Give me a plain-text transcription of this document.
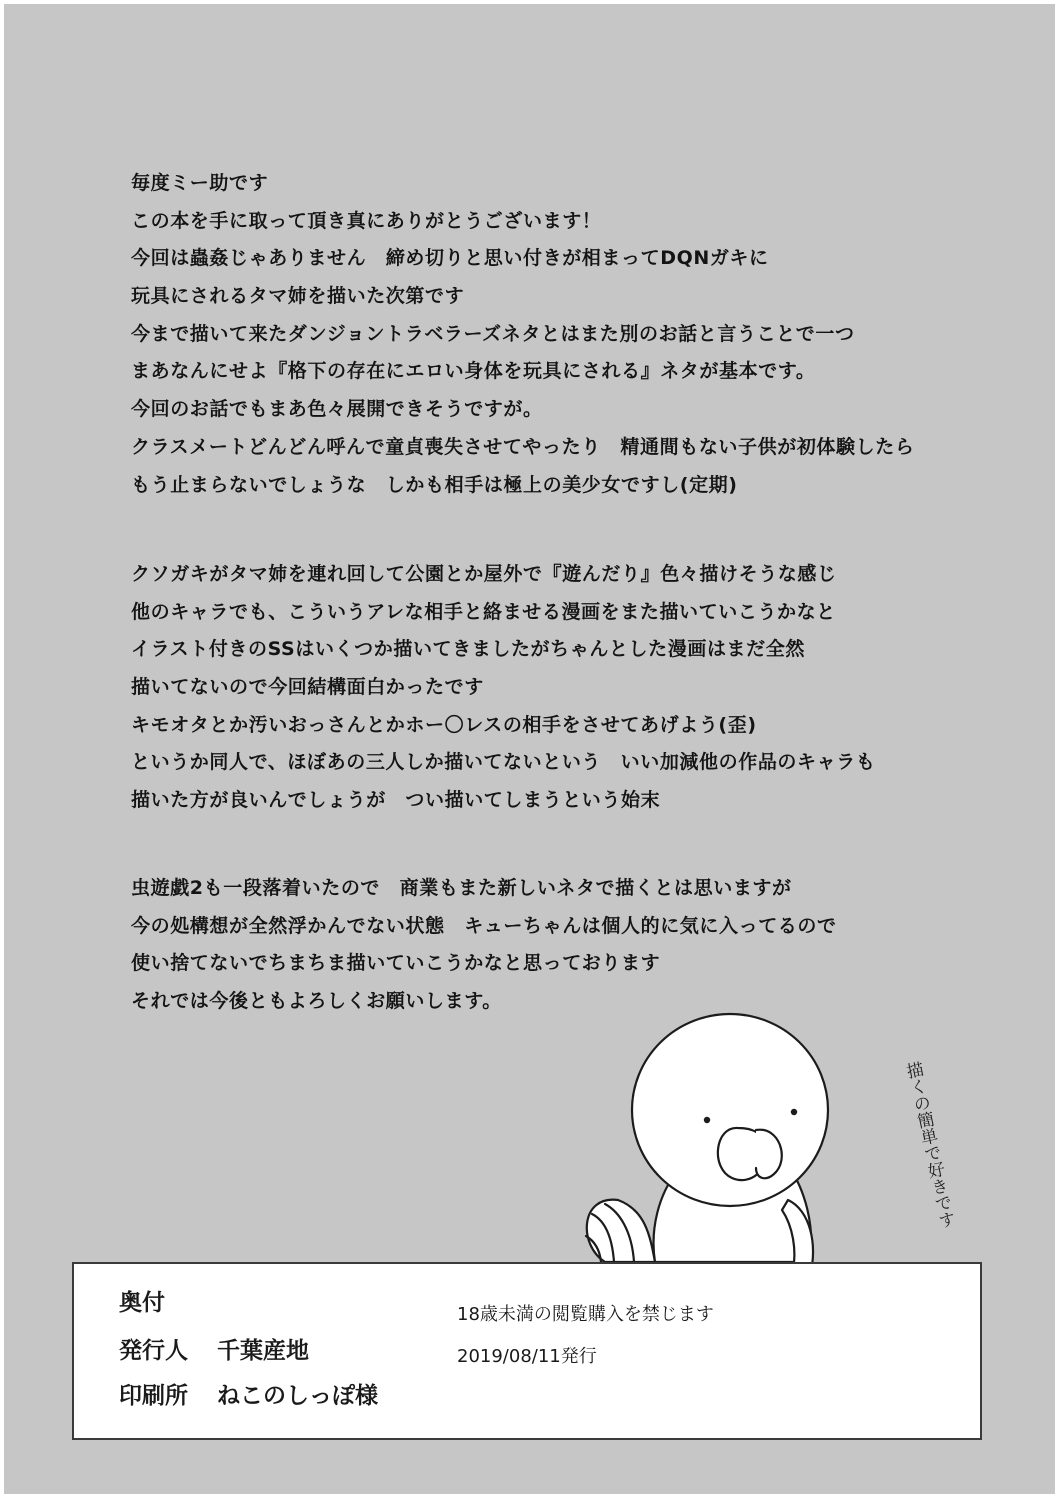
毎度ミー助です
この本を手に取って頂き真にありがとうございます！
今回は蟲姦じゃありません　締め切りと思い付きが相まってDQNガキに
玩具にされるタマ姉を描いた次第です
今まで描いて来たダンジョントラベラーズネタとはまた別のお話と言うことで一つ
まあなんにせよ『格下の存在にエロい身体を玩具にされる』ネタが基本です。
今回のお話でもまあ色々展開できそうですが。
クラスメートどんどん呼んで童貞喪失させてやったり　精通間もない子供が初体験したら
もう止まらないでしょうな　しかも相手は極上の美少女ですし(定期)
クソガキがタマ姉を連れ回して公園とか屋外で『遊んだり』色々描けそうな感じ
他のキャラでも、こういうアレな相手と絡ませる漫画をまた描いていこうかなと
イラスト付きのSSはいくつか描いてきましたがちゃんとした漫画はまだ全然
描いてないので今回結構面白かったです
キモオタとか汚いおっさんとかホー〇レスの相手をさせてあげよう(歪)
というか同人で、ほぼあの三人しか描いてないという　いい加減他の作品のキャラも
描いた方が良いんでしょうが　つい描いてしまうという始末
虫遊戯2も一段落着いたので　商業もまた新しいネタで描くとは思いますが
今の処構想が全然浮かんでない状態　キューちゃんは個人的に気に入ってるので
使い捨てないでちまちま描いていこうかなと思っております
それでは今後ともよろしくお願いします。
描くの簡単で好きです
奥付
発行人 千葉産地
印刷所 ねこのしっぽ様
18歳未満の閲覧購入を禁じます
2019/08/11発行
